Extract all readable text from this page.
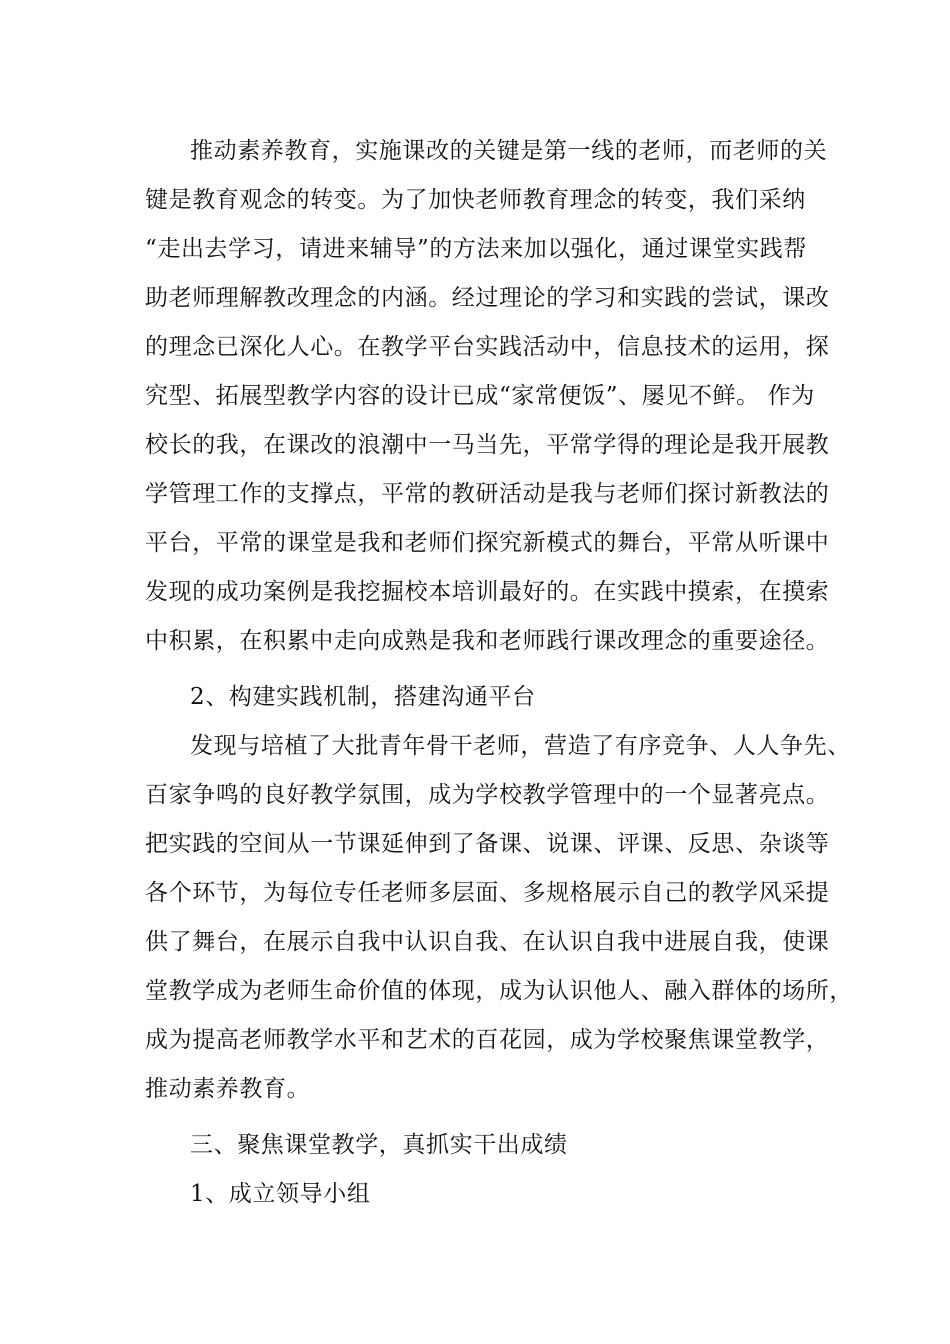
推动素养教育，实施课改的关键是第一线的老师，而老师的关
键是教育观念的转变。为了加快老师教育理念的转变，我们采纳
“走出去学习，请进来辅导”的方法来加以强化，通过课堂实践帮
助老师理解教改理念的内涵。经过理论的学习和实践的尝试，课改
的理念已深化人心。在教学平台实践活动中，信息技术的运用，探
究型、拓展型教学内容的设计已成“家常便饭”、屡见不鲜。 作为
校长的我，在课改的浪潮中一马当先，平常学得的理论是我开展教
学管理工作的支撑点，平常的教研活动是我与老师们探讨新教法的
平台，平常的课堂是我和老师们探究新模式的舞台，平常从听课中
发现的成功案例是我挖掘校本培训最好的。在实践中摸索，在摸索
中积累，在积累中走向成熟是我和老师践行课改理念的重要途径。
2、构建实践机制，搭建沟通平台
发现与培植了大批青年骨干老师，营造了有序竞争、人人争先、
百家争鸣的良好教学氛围，成为学校教学管理中的一个显著亮点。
把实践的空间从一节课延伸到了备课、说课、评课、反思、杂谈等
各个环节，为每位专任老师多层面、多规格展示自己的教学风采提
供了舞台，在展示自我中认识自我、在认识自我中进展自我，使课
堂教学成为老师生命价值的体现，成为认识他人、融入群体的场所，
成为提高老师教学水平和艺术的百花园，成为学校聚焦课堂教学，
推动素养教育。
三、聚焦课堂教学，真抓实干出成绩
1、成立领导小组
